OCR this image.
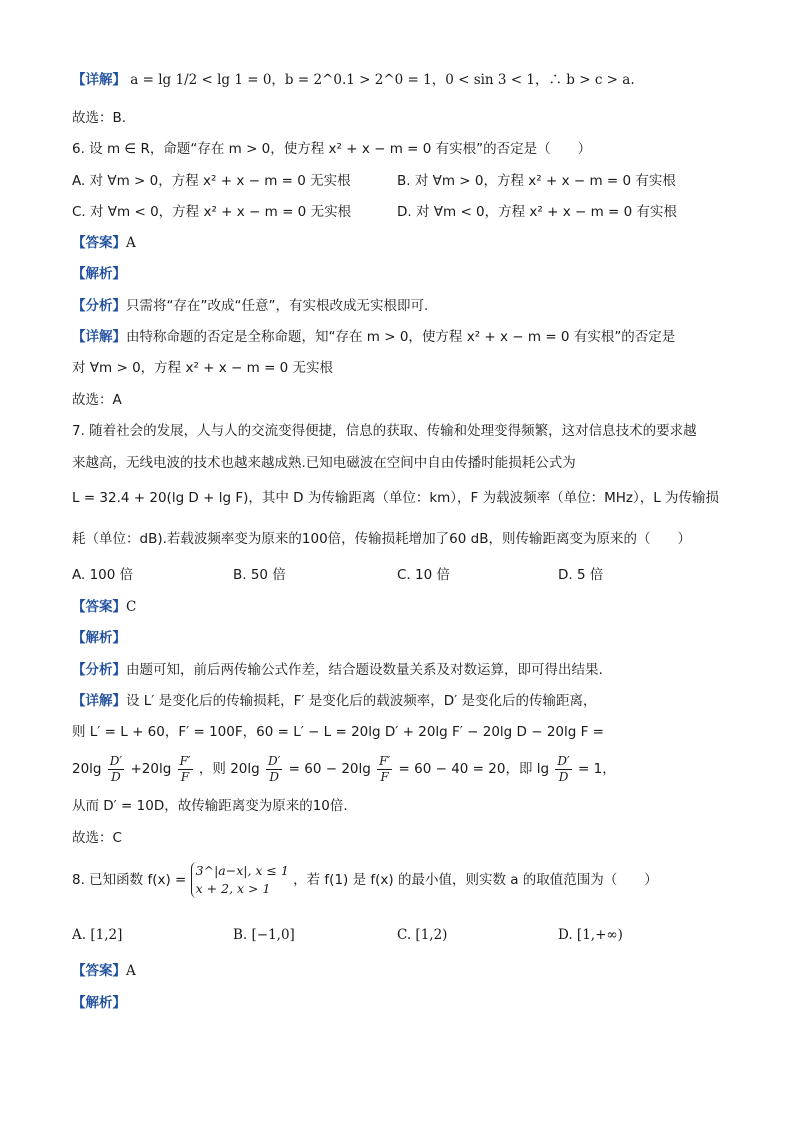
【详解】 a = lg 1/2 < lg 1 = 0，b = 2^0.1 > 2^0 = 1，0 < sin 3 < 1，∴ b > c > a.
故选：B.
6. 设 m ∈ R，命题“存在 m > 0，使方程 x² + x − m = 0 有实根”的否定是（　　）
A. 对 ∀m > 0，方程 x² + x − m = 0 无实根	B. 对 ∀m > 0，方程 x² + x − m = 0 有实根
C. 对 ∀m < 0，方程 x² + x − m = 0 无实根	D. 对 ∀m < 0，方程 x² + x − m = 0 有实根
【答案】A
【解析】
【分析】只需将“存在”改成“任意”，有实根改成无实根即可.
【详解】由特称命题的否定是全称命题，知“存在 m > 0，使方程 x² + x − m = 0 有实根”的否定是
对 ∀m > 0，方程 x² + x − m = 0 无实根
故选：A
7. 随着社会的发展，人与人的交流变得便捷，信息的获取、传输和处理变得频繁，这对信息技术的要求越
来越高，无线电波的技术也越来越成熟.已知电磁波在空间中自由传播时能损耗公式为
L = 32.4 + 20(lg D + lg F)，其中 D 为传输距离（单位：km），F 为载波频率（单位：MHz），L 为传输损
耗（单位：dB).若载波频率变为原来的100倍，传输损耗增加了60 dB，则传输距离变为原来的（　　）
A. 100 倍	B. 50 倍	C. 10 倍	D. 5 倍
【答案】C
【解析】
【分析】由题可知，前后两传输公式作差，结合题设数量关系及对数运算，即可得出结果.
【详解】设 L′ 是变化后的传输损耗，F′ 是变化后的载波频率，D′ 是变化后的传输距离，
则 L′ = L + 60，F′ = 100F，60 = L′ − L = 20lg D′ + 20lg F′ − 20lg D − 20lg F =
$20\lg \frac{D'}{D} +20\lg \frac{F'}{F}$ ，则 $20\lg \frac{D'}{D} = 60 - 20\lg \frac{F'}{F} = 60 - 40 = 20$，即 $\lg \frac{D'}{D} = 1$，
从而 D′ = 10D，故传输距离变为原来的10倍.
故选：C
8. 已知函数 f(x) =
3^|a−x|, x ≤ 1
x + 2, x > 1
，若 f(1) 是 f(x) 的最小值，则实数 a 的取值范围为（　　）
A. [1,2]	B. [−1,0]	C. [1,2)	D. [1,+∞)
【答案】A
【解析】
